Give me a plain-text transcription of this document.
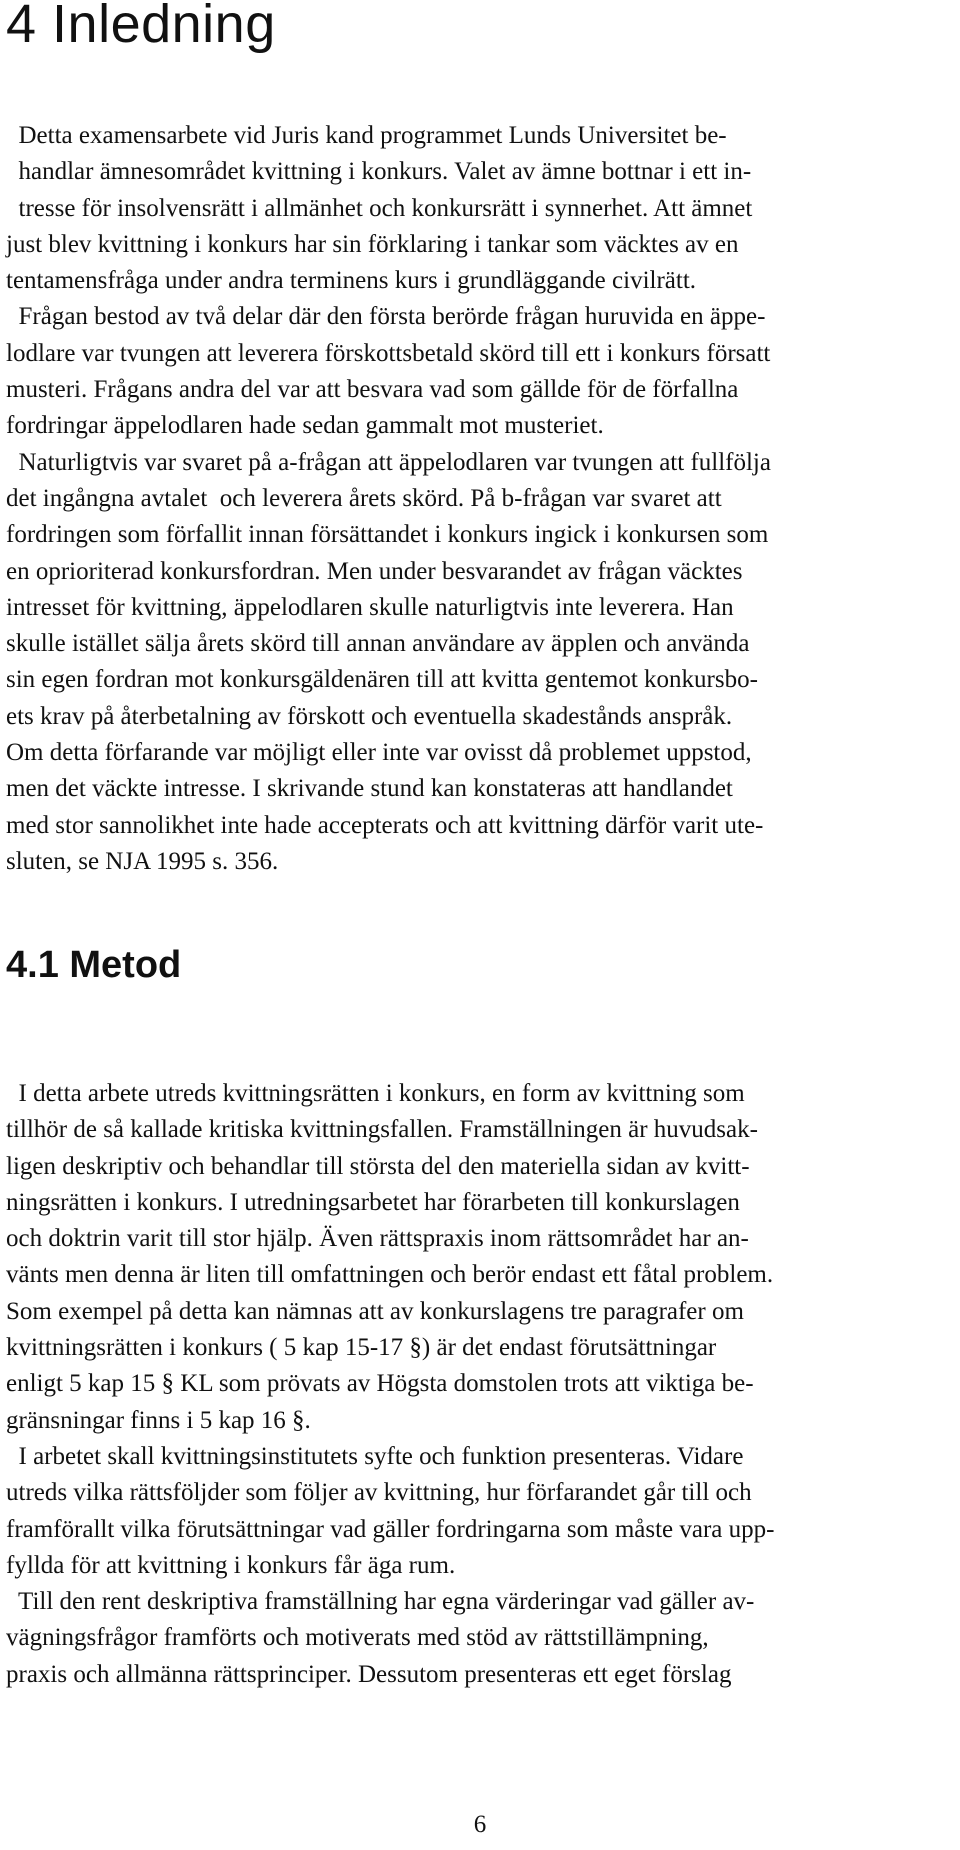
4 Inledning
Detta examensarbete vid Juris kand programmet Lunds Universitet be-
handlar ämnesområdet kvittning i konkurs. Valet av ämne bottnar i ett in-
tresse för insolvensrätt i allmänhet och konkursrätt i synnerhet. Att ämnet
just blev kvittning i konkurs har sin förklaring i tankar som väcktes av en
tentamensfråga under andra terminens kurs i grundläggande civilrätt.
Frågan bestod av två delar där den första berörde frågan huruvida en äppe-
lodlare var tvungen att leverera förskottsbetald skörd till ett i konkurs försatt
musteri. Frågans andra del var att besvara vad som gällde för de förfallna
fordringar äppelodlaren hade sedan gammalt mot musteriet.
Naturligtvis var svaret på a-frågan att äppelodlaren var tvungen att fullfölja
det ingångna avtalet  och leverera årets skörd. På b-frågan var svaret att
fordringen som förfallit innan försättandet i konkurs ingick i konkursen som
en oprioriterad konkursfordran. Men under besvarandet av frågan väcktes
intresset för kvittning, äppelodlaren skulle naturligtvis inte leverera. Han
skulle istället sälja årets skörd till annan användare av äpplen och använda
sin egen fordran mot konkursgäldenären till att kvitta gentemot konkursbo-
ets krav på återbetalning av förskott och eventuella skadestånds anspråk.
Om detta förfarande var möjligt eller inte var ovisst då problemet uppstod,
men det väckte intresse. I skrivande stund kan konstateras att handlandet
med stor sannolikhet inte hade accepterats och att kvittning därför varit ute-
sluten, se NJA 1995 s. 356.
4.1 Metod
I detta arbete utreds kvittningsrätten i konkurs, en form av kvittning som
tillhör de så kallade kritiska kvittningsfallen. Framställningen är huvudsak-
ligen deskriptiv och behandlar till största del den materiella sidan av kvitt-
ningsrätten i konkurs. I utredningsarbetet har förarbeten till konkurslagen
och doktrin varit till stor hjälp. Även rättspraxis inom rättsområdet har an-
vänts men denna är liten till omfattningen och berör endast ett fåtal problem.
Som exempel på detta kan nämnas att av konkurslagens tre paragrafer om
kvittningsrätten i konkurs ( 5 kap 15-17 §) är det endast förutsättningar
enligt 5 kap 15 § KL som prövats av Högsta domstolen trots att viktiga be-
gränsningar finns i 5 kap 16 §.
I arbetet skall kvittningsinstitutets syfte och funktion presenteras. Vidare
utreds vilka rättsföljder som följer av kvittning, hur förfarandet går till och
framförallt vilka förutsättningar vad gäller fordringarna som måste vara upp-
fyllda för att kvittning i konkurs får äga rum.
Till den rent deskriptiva framställning har egna värderingar vad gäller av-
vägningsfrågor framförts och motiverats med stöd av rättstillämpning,
praxis och allmänna rättsprinciper. Dessutom presenteras ett eget förslag
6
